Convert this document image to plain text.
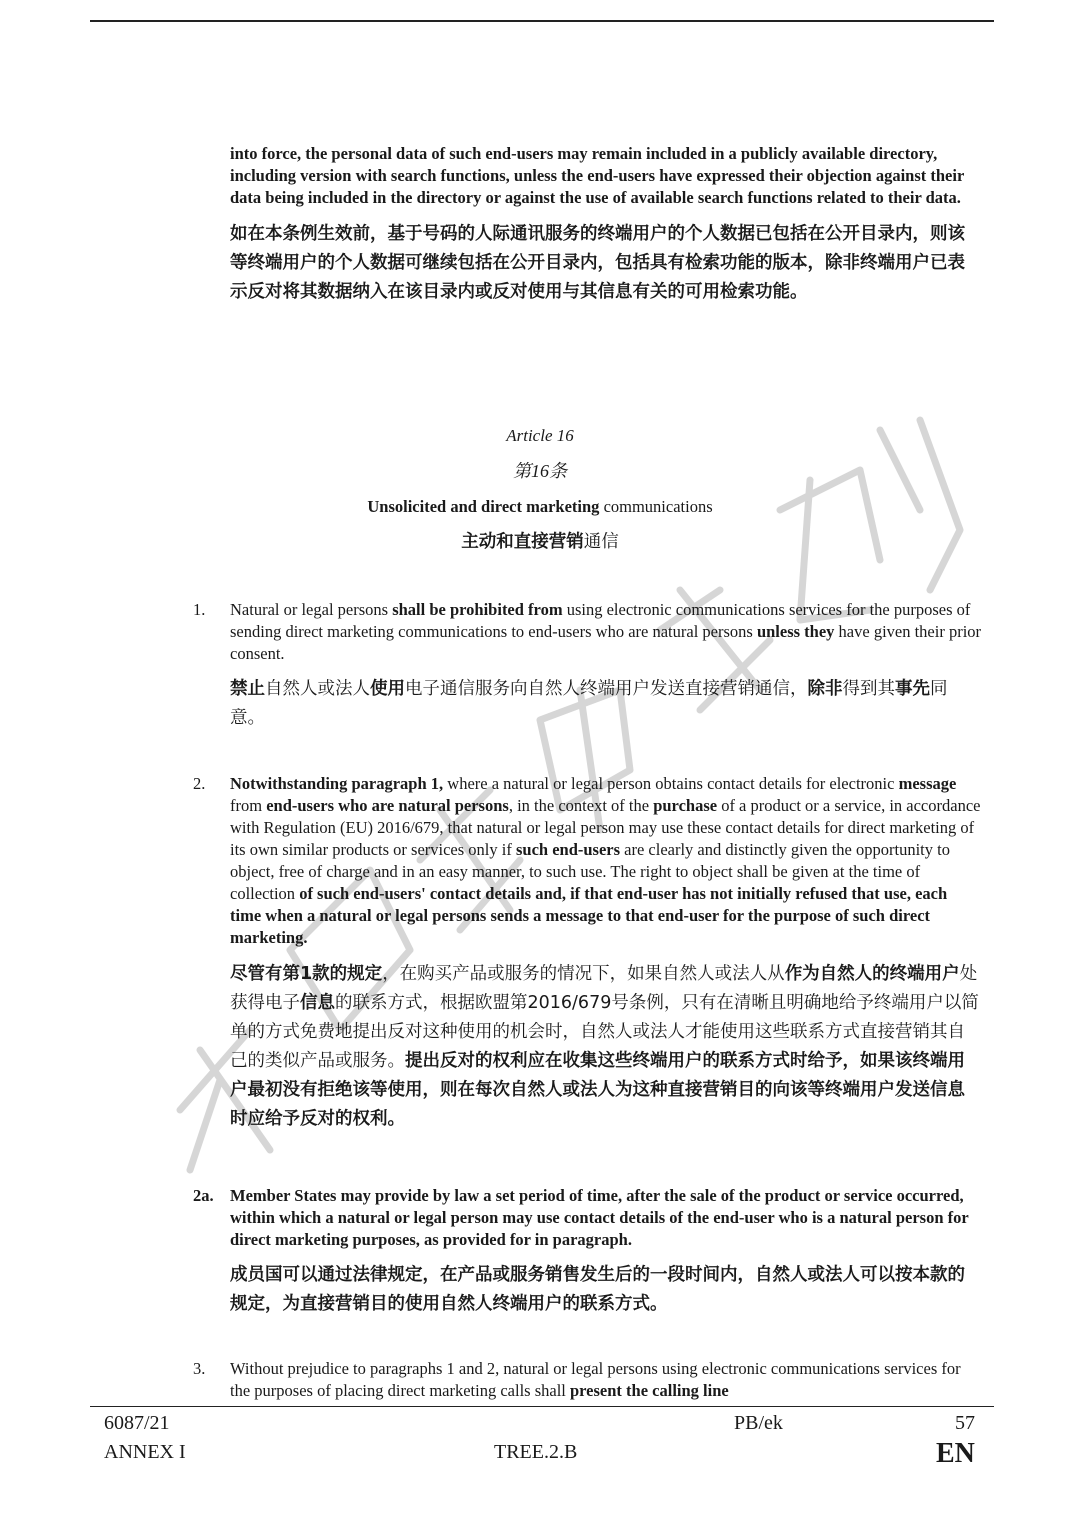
into force, the personal data of such end-users may remain included in a publicly available directory, including version with search functions, unless the end-users have expressed their objection against their data being included in the directory or against the use of available search functions related to their data.

如在本条例生效前，基于号码的人际通讯服务的终端用户的个人数据已包括在公开目录内，则该等终端用户的个人数据可继续包括在公开目录内，包括具有检索功能的版本，除非终端用户已表示反对将其数据纳入在该目录内或反对使用与其信息有关的可用检索功能。

Article 16
第16条
Unsolicited and direct marketing communications
主动和直接营销通信
1. Natural or legal persons shall be prohibited from using electronic communications services for the purposes of sending direct marketing communications to end-users who are natural persons unless they have given their prior consent.

禁止自然人或法人使用电子通信服务向自然人终端用户发送直接营销通信，除非得到其事先同意。

2. Notwithstanding paragraph 1, where a natural or legal person obtains contact details for electronic message from end-users who are natural persons, in the context of the purchase of a product or a service, in accordance with Regulation (EU) 2016/679, that natural or legal person may use these contact details for direct marketing of its own similar products or services only if such end-users are clearly and distinctly given the opportunity to object, free of charge and in an easy manner, to such use. The right to object shall be given at the time of collection of such end-users' contact details and, if that end-user has not initially refused that use, each time when a natural or legal persons sends a message to that end-user for the purpose of such direct marketing.

尽管有第1款的规定，在购买产品或服务的情况下，如果自然人或法人从作为自然人的终端用户处获得电子信息的联系方式，根据欧盟第2016/679号条例，只有在清晰且明确地给予终端用户以简单的方式免费地提出反对这种使用的机会时，自然人或法人才能使用这些联系方式直接营销其自己的类似产品或服务。提出反对的权利应在收集这些终端用户的联系方式时给予，如果该终端用户最初没有拒绝该等使用，则在每次自然人或法人为这种直接营销目的向该等终端用户发送信息时应给予反对的权利。

2a. Member States may provide by law a set period of time, after the sale of the product or service occurred, within which a natural or legal person may use contact details of the end-user who is a natural person for direct marketing purposes, as provided for in paragraph.

成员国可以通过法律规定，在产品或服务销售发生后的一段时间内，自然人或法人可以按本款的规定，为直接营销目的使用自然人终端用户的联系方式。

3. Without prejudice to paragraphs 1 and 2, natural or legal persons using electronic communications services for the purposes of placing direct marketing calls shall present the calling line

6087/21
ANNEX I
PB/ek
TREE.2.B
57
EN
